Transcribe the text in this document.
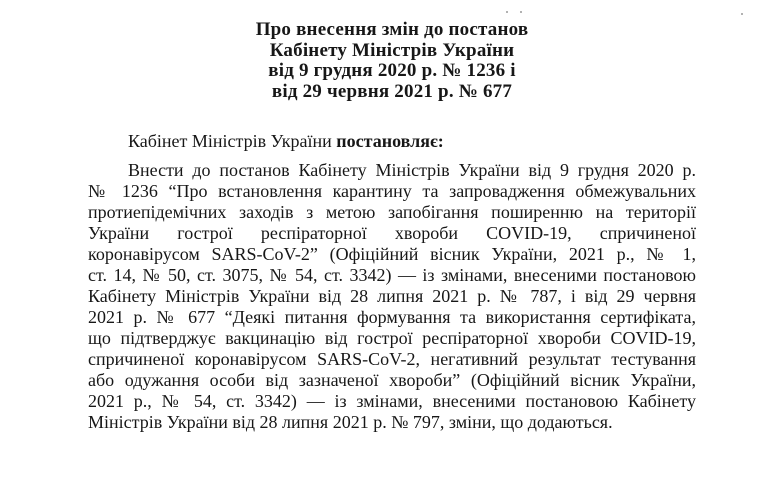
Про внесення змін до постанов
Кабінету Міністрів України
від 9 грудня 2020 р. № 1236 і
від 29 червня 2021 р. № 677

Кабінет Міністрів України постановляє:

Внести до постанов Кабінету Міністрів України від 9 грудня 2020 р.
№ 1236 “Про встановлення карантину та запровадження обмежувальних
протиепідемічних заходів з метою запобігання поширенню на території
України гострої респіраторної хвороби COVID-19, спричиненої
коронавірусом SARS-CoV-2” (Офіційний вісник України, 2021 р., № 1,
ст. 14, № 50, ст. 3075, № 54, ст. 3342) — із змінами, внесеними постановою
Кабінету Міністрів України від 28 липня 2021 р. № 787, і від 29 червня
2021 р. № 677 “Деякі питання формування та використання сертифіката,
що підтверджує вакцинацію від гострої респіраторної хвороби COVID-19,
спричиненої коронавірусом SARS-CoV-2, негативний результат тестування
або одужання особи від зазначеної хвороби” (Офіційний вісник України,
2021 р., № 54, ст. 3342) — із змінами, внесеними постановою Кабінету
Міністрів України від 28 липня 2021 р. № 797, зміни, що додаються.
